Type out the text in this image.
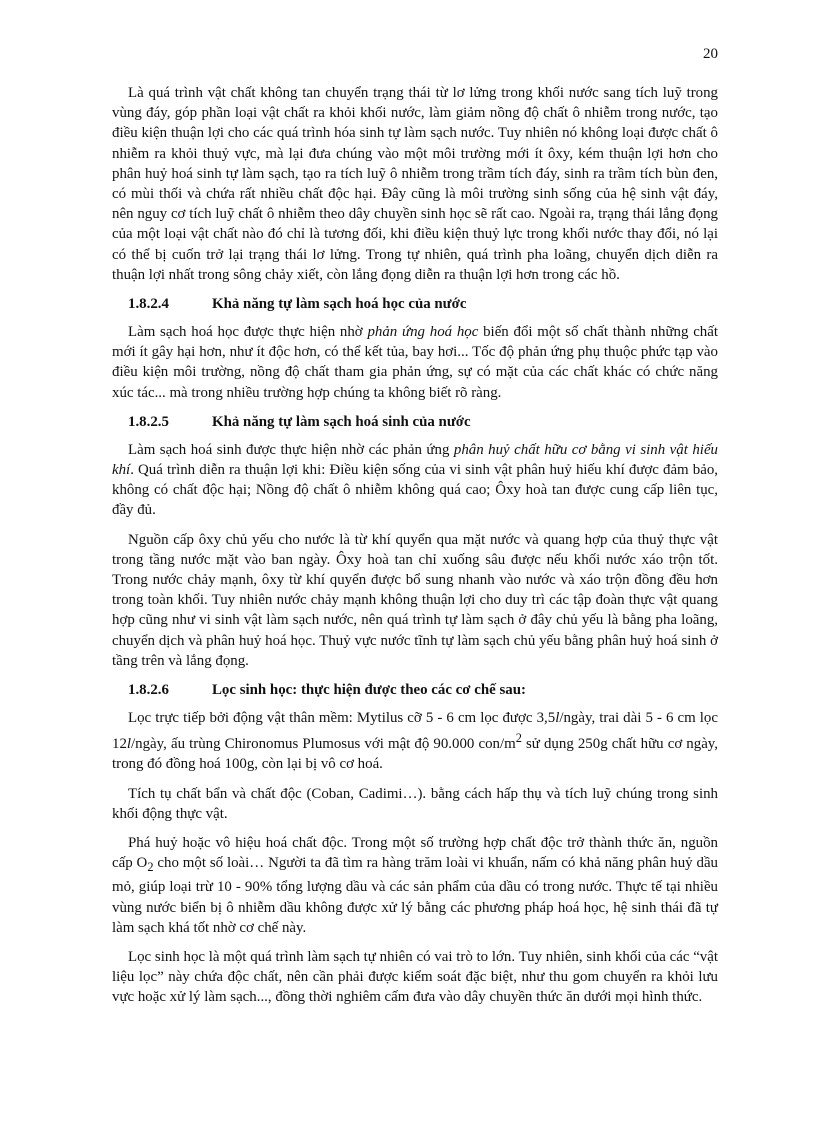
20

Là quá trình vật chất không tan chuyển trạng thái từ lơ lửng trong khối nước sang tích luỹ trong vùng đáy, góp phần loại vật chất ra khỏi khối nước, làm giảm nồng độ chất ô nhiễm trong nước, tạo điều kiện thuận lợi cho các quá trình hóa sinh tự làm sạch nước. Tuy nhiên nó không loại được chất ô nhiễm ra khỏi thuỷ vực, mà lại đưa chúng vào một môi trường mới ít ôxy, kém thuận lợi hơn cho phân huỷ hoá sinh tự làm sạch, tạo ra tích luỹ ô nhiễm trong trầm tích đáy, sinh ra trầm tích bùn đen, có mùi thối và chứa rất nhiều chất độc hại. Đây cũng là môi trường sinh sống của hệ sinh vật đáy, nên nguy cơ tích luỹ chất ô nhiễm theo dây chuyền sinh học sẽ rất cao. Ngoài ra, trạng thái lắng đọng của một loại vật chất nào đó chỉ là tương đối, khi điều kiện thuỷ lực trong khối nước thay đổi, nó lại có thể bị cuốn trở lại trạng thái lơ lửng. Trong tự nhiên, quá trình pha loãng, chuyển dịch diễn ra thuận lợi nhất trong sông chảy xiết, còn lắng đọng diễn ra thuận lợi hơn trong các hồ.

1.8.2.4	Khả năng tự làm sạch hoá học của nước

Làm sạch hoá học được thực hiện nhờ phản ứng hoá học biến đổi một số chất thành những chất mới ít gây hại hơn, như ít độc hơn, có thể kết tủa, bay hơi... Tốc độ phản ứng phụ thuộc phức tạp vào điều kiện môi trường, nồng độ chất tham gia phản ứng, sự có mặt của các chất khác có chức năng xúc tác... mà trong nhiều trường hợp chúng ta không biết rõ ràng.

1.8.2.5	Khả năng tự làm sạch hoá sinh của nước

Làm sạch hoá sinh được thực hiện nhờ các phản ứng phân huỷ chất hữu cơ bằng vi sinh vật hiếu khí. Quá trình diễn ra thuận lợi khi: Điều kiện sống của vi sinh vật phân huỷ hiếu khí được đảm bảo, không có chất độc hại; Nồng độ chất ô nhiễm không quá cao; Ôxy hoà tan được cung cấp liên tục, đầy đủ.

Nguồn cấp ôxy chủ yếu cho nước là từ khí quyển qua mặt nước và quang hợp của thuỷ thực vật trong tầng nước mặt vào ban ngày. Ôxy hoà tan chỉ xuống sâu được nếu khối nước xáo trộn tốt. Trong nước chảy mạnh, ôxy từ khí quyển được bổ sung nhanh vào nước và xáo trộn đồng đều hơn trong toàn khối. Tuy nhiên nước chảy mạnh không thuận lợi cho duy trì các tập đoàn thực vật quang hợp cũng như vi sinh vật làm sạch nước, nên quá trình tự làm sạch ở đây chủ yếu là bằng pha loãng, chuyển dịch và phân huỷ hoá học. Thuỷ vực nước tĩnh tự làm sạch chủ yếu bằng phân huỷ hoá sinh ở tầng trên và lắng đọng.

1.8.2.6	Lọc sinh học: thực hiện được theo các cơ chế sau:

Lọc trực tiếp bởi động vật thân mềm: Mytilus cỡ 5 - 6 cm lọc được 3,5l/ngày, trai dài 5 - 6 cm lọc 12l/ngày, ấu trùng Chironomus Plumosus với mật độ 90.000 con/$m^2$ sử dụng 250g chất hữu cơ ngày, trong đó đồng hoá 100g, còn lại bị vô cơ hoá.

Tích tụ chất bẩn và chất độc (Coban, Cadimi…). bằng cách hấp thụ và tích luỹ chúng trong sinh khối động thực vật.

Phá huỷ hoặc vô hiệu hoá chất độc. Trong một số trường hợp chất độc trở thành thức ăn, nguồn cấp $O_2$ cho một số loài… Người ta đã tìm ra hàng trăm loài vi khuẩn, nấm có khả năng phân huỷ dầu mỏ, giúp loại trừ 10 - 90% tổng lượng dầu và các sản phẩm của dầu có trong nước. Thực tế tại nhiều vùng nước biển bị ô nhiễm dầu không được xử lý bằng các phương pháp hoá học, hệ sinh thái đã tự làm sạch khá tốt nhờ cơ chế này.

Lọc sinh học là một quá trình làm sạch tự nhiên có vai trò to lớn. Tuy nhiên, sinh khối của các “vật liệu lọc” này chứa độc chất, nên cần phải được kiểm soát đặc biệt, như thu gom chuyển ra khỏi lưu vực hoặc xử lý làm sạch..., đồng thời nghiêm cấm đưa vào dây chuyền thức ăn dưới mọi hình thức.
